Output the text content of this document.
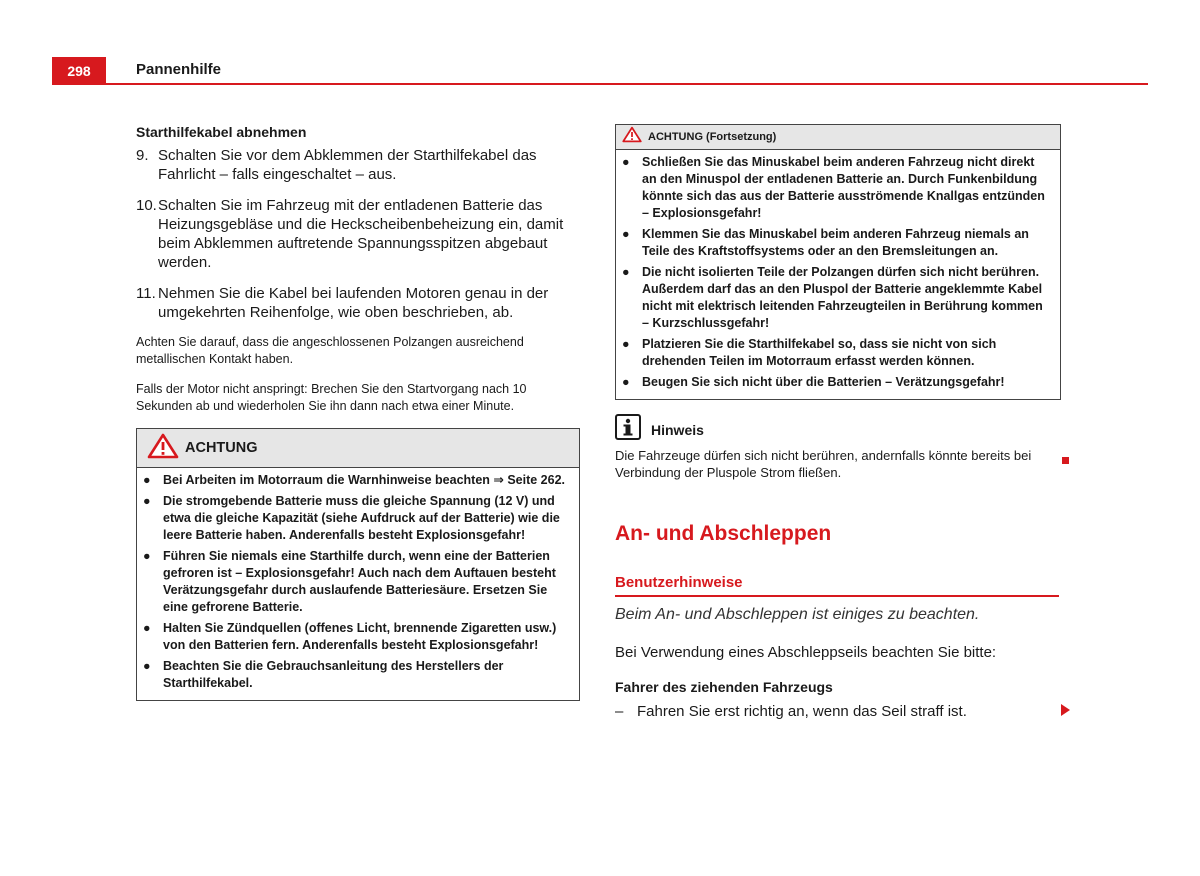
298	Pannenhilfe
Starthilfekabel abnehmen
9. Schalten Sie vor dem Abklemmen der Starthilfekabel das Fahrlicht – falls eingeschaltet – aus.
10. Schalten Sie im Fahrzeug mit der entladenen Batterie das Heizungsgebläse und die Heckscheibenbeheizung ein, damit beim Abklemmen auftretende Spannungsspitzen abgebaut werden.
11. Nehmen Sie die Kabel bei laufenden Motoren genau in der umgekehrten Reihenfolge, wie oben beschrieben, ab.

Achten Sie darauf, dass die angeschlossenen Polzangen ausreichend metallischen Kontakt haben.

Falls der Motor nicht anspringt: Brechen Sie den Startvorgang nach 10 Sekunden ab und wiederholen Sie ihn dann nach etwa einer Minute.

ACHTUNG
● Bei Arbeiten im Motorraum die Warnhinweise beachten ⇒ Seite 262.
● Die stromgebende Batterie muss die gleiche Spannung (12 V) und etwa die gleiche Kapazität (siehe Aufdruck auf der Batterie) wie die leere Batterie haben. Anderenfalls besteht Explosionsgefahr!
● Führen Sie niemals eine Starthilfe durch, wenn eine der Batterien gefroren ist – Explosionsgefahr! Auch nach dem Auftauen besteht Verätzungsgefahr durch auslaufende Batteriesäure. Ersetzen Sie eine gefrorene Batterie.
● Halten Sie Zündquellen (offenes Licht, brennende Zigaretten usw.) von den Batterien fern. Anderenfalls besteht Explosionsgefahr!
● Beachten Sie die Gebrauchsanleitung des Herstellers der Starthilfekabel.
ACHTUNG (Fortsetzung)
● Schließen Sie das Minuskabel beim anderen Fahrzeug nicht direkt an den Minuspol der entladenen Batterie an. Durch Funkenbildung könnte sich das aus der Batterie ausströmende Knallgas entzünden – Explosionsgefahr!
● Klemmen Sie das Minuskabel beim anderen Fahrzeug niemals an Teile des Kraftstoffsystems oder an den Bremsleitungen an.
● Die nicht isolierten Teile der Polzangen dürfen sich nicht berühren. Außerdem darf das an den Pluspol der Batterie angeklemmte Kabel nicht mit elektrisch leitenden Fahrzeugteilen in Berührung kommen – Kurzschlussgefahr!
● Platzieren Sie die Starthilfekabel so, dass sie nicht von sich drehenden Teilen im Motorraum erfasst werden können.
● Beugen Sie sich nicht über die Batterien – Verätzungsgefahr!
Hinweis
Die Fahrzeuge dürfen sich nicht berühren, andernfalls könnte bereits bei Verbindung der Pluspole Strom fließen.
An- und Abschleppen
Benutzerhinweise
Beim An- und Abschleppen ist einiges zu beachten.
Bei Verwendung eines Abschleppseils beachten Sie bitte:
Fahrer des ziehenden Fahrzeugs
– Fahren Sie erst richtig an, wenn das Seil straff ist.
